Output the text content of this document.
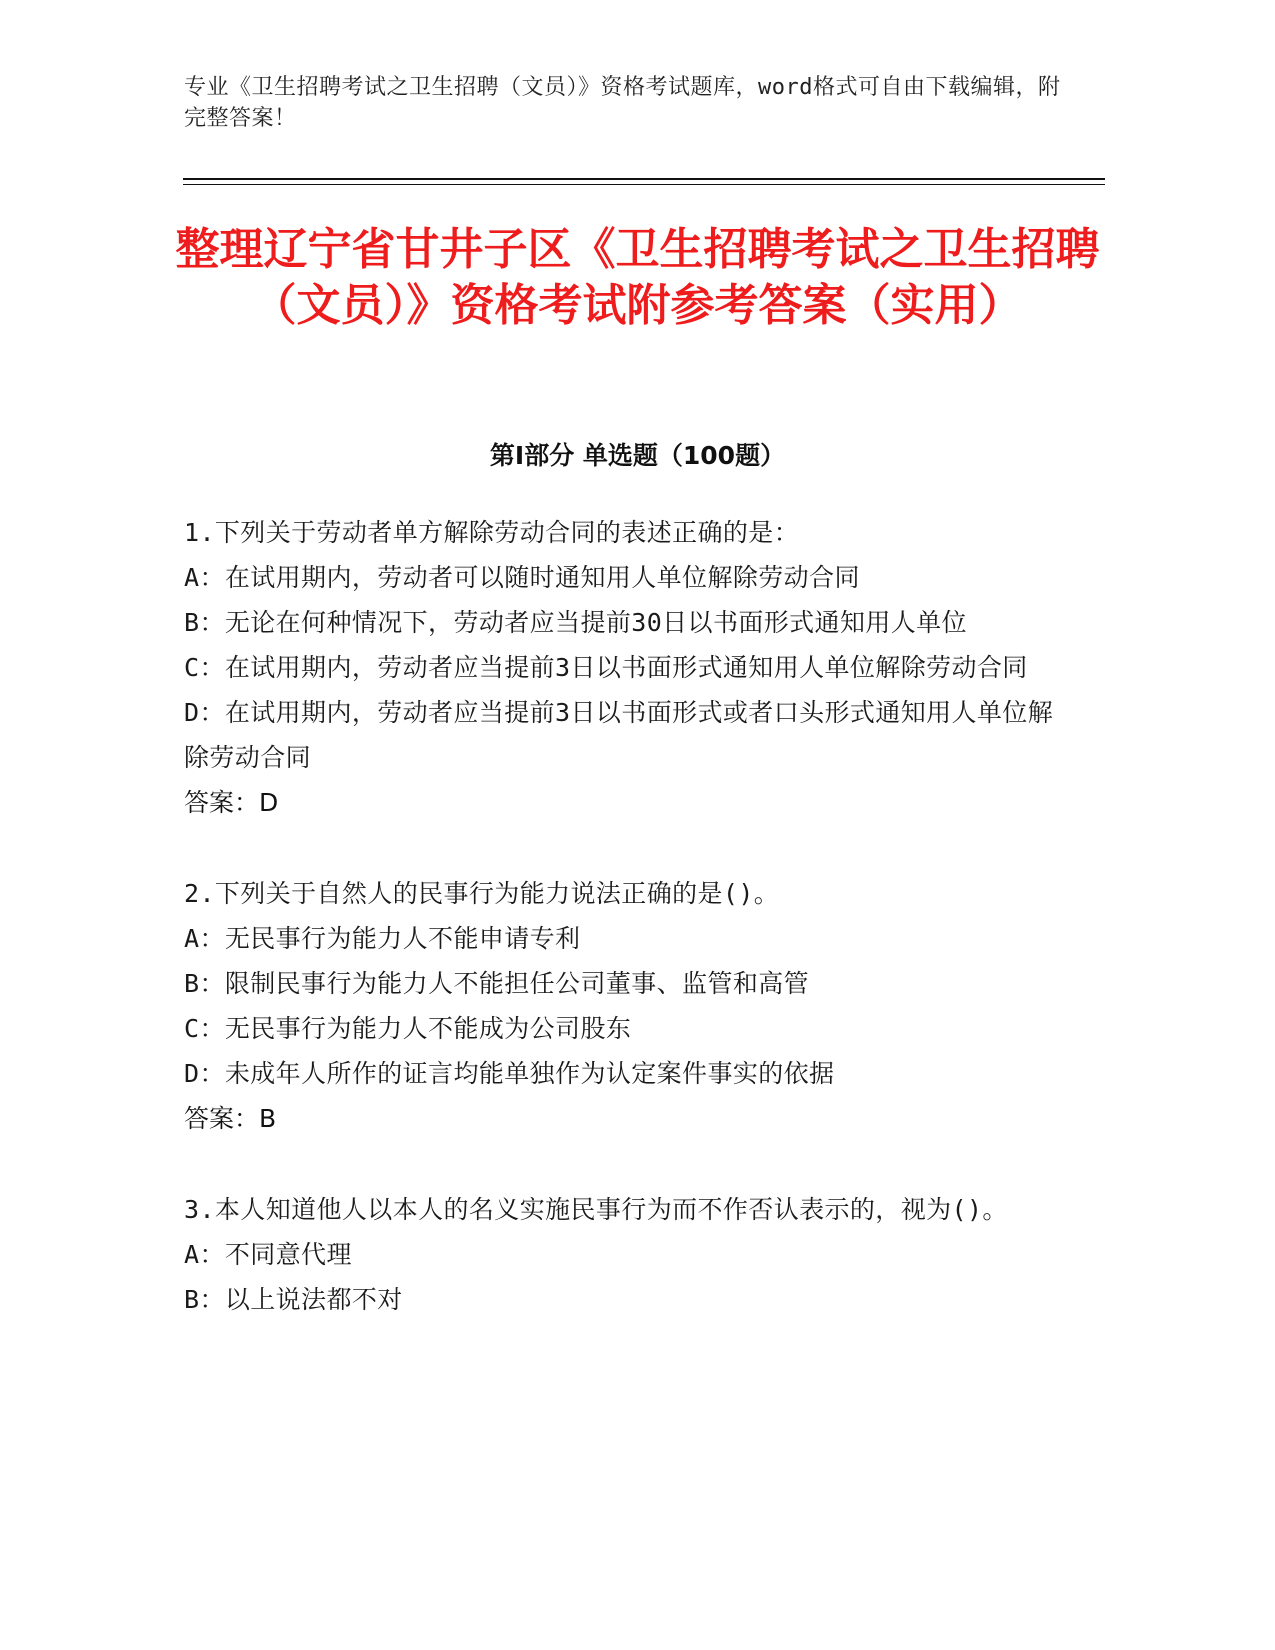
专业《卫生招聘考试之卫生招聘（文员）》资格考试题库，word格式可自由下载编辑，附完整答案！
整理辽宁省甘井子区《卫生招聘考试之卫生招聘（文员）》资格考试附参考答案（实用）
第Ⅰ部分 单选题（100题）
1.下列关于劳动者单方解除劳动合同的表述正确的是：
A：在试用期内，劳动者可以随时通知用人单位解除劳动合同
B：无论在何种情况下，劳动者应当提前30日以书面形式通知用人单位
C：在试用期内，劳动者应当提前3日以书面形式通知用人单位解除劳动合同
D：在试用期内，劳动者应当提前3日以书面形式或者口头形式通知用人单位解除劳动合同
答案：D
2.下列关于自然人的民事行为能力说法正确的是()。
A：无民事行为能力人不能申请专利
B：限制民事行为能力人不能担任公司董事、监管和高管
C：无民事行为能力人不能成为公司股东
D：未成年人所作的证言均能单独作为认定案件事实的依据
答案：B
3.本人知道他人以本人的名义实施民事行为而不作否认表示的，视为()。
A：不同意代理
B：以上说法都不对
